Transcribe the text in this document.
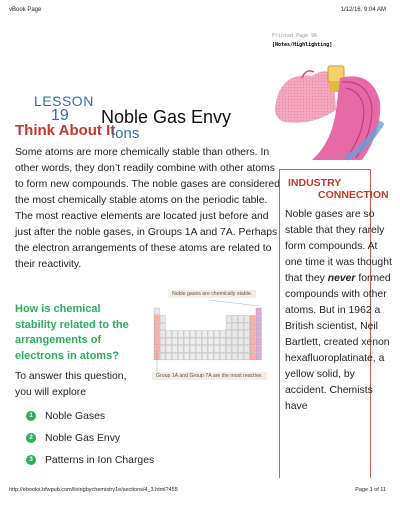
vBook Page	1/12/16, 9:04 AM
Printed Page 96
[Notes/Highlighting]
LESSON
19 Noble Gas Envy
Think About It
Ions

Some atoms are more chemically stable than others. In other words, they don’t readily combine with other atoms to form new compounds. The noble gases are considered the most chemically stable atoms on the periodic table. The most reactive elements are located just before and just after the noble gases, in Groups 1A and 7A. Perhaps the electron arrangements of these atoms are related to their reactivity.

How is chemical stability related to the arrangements of electrons in atoms?
To answer this question, you will explore
1	Noble Gases
2	Noble Gas Envy
3	Patterns in Ion Charges
Noble gases are chemically stable.
Group 1A and Group 7A are the most reactive.
INDUSTRY
CONNECTION

Noble gases are so stable that they rarely form compounds. At one time it was thought that they never formed compounds with other atoms. But in 1962 a British scientist, Neil Bartlett, created xenon hexafluoroplatinate, a yellow solid, by accident. Chemists have

http://ebooks.bfwpub.com/livingbychemistry1e/sections/4_3.html?455	Page 1 of 11
